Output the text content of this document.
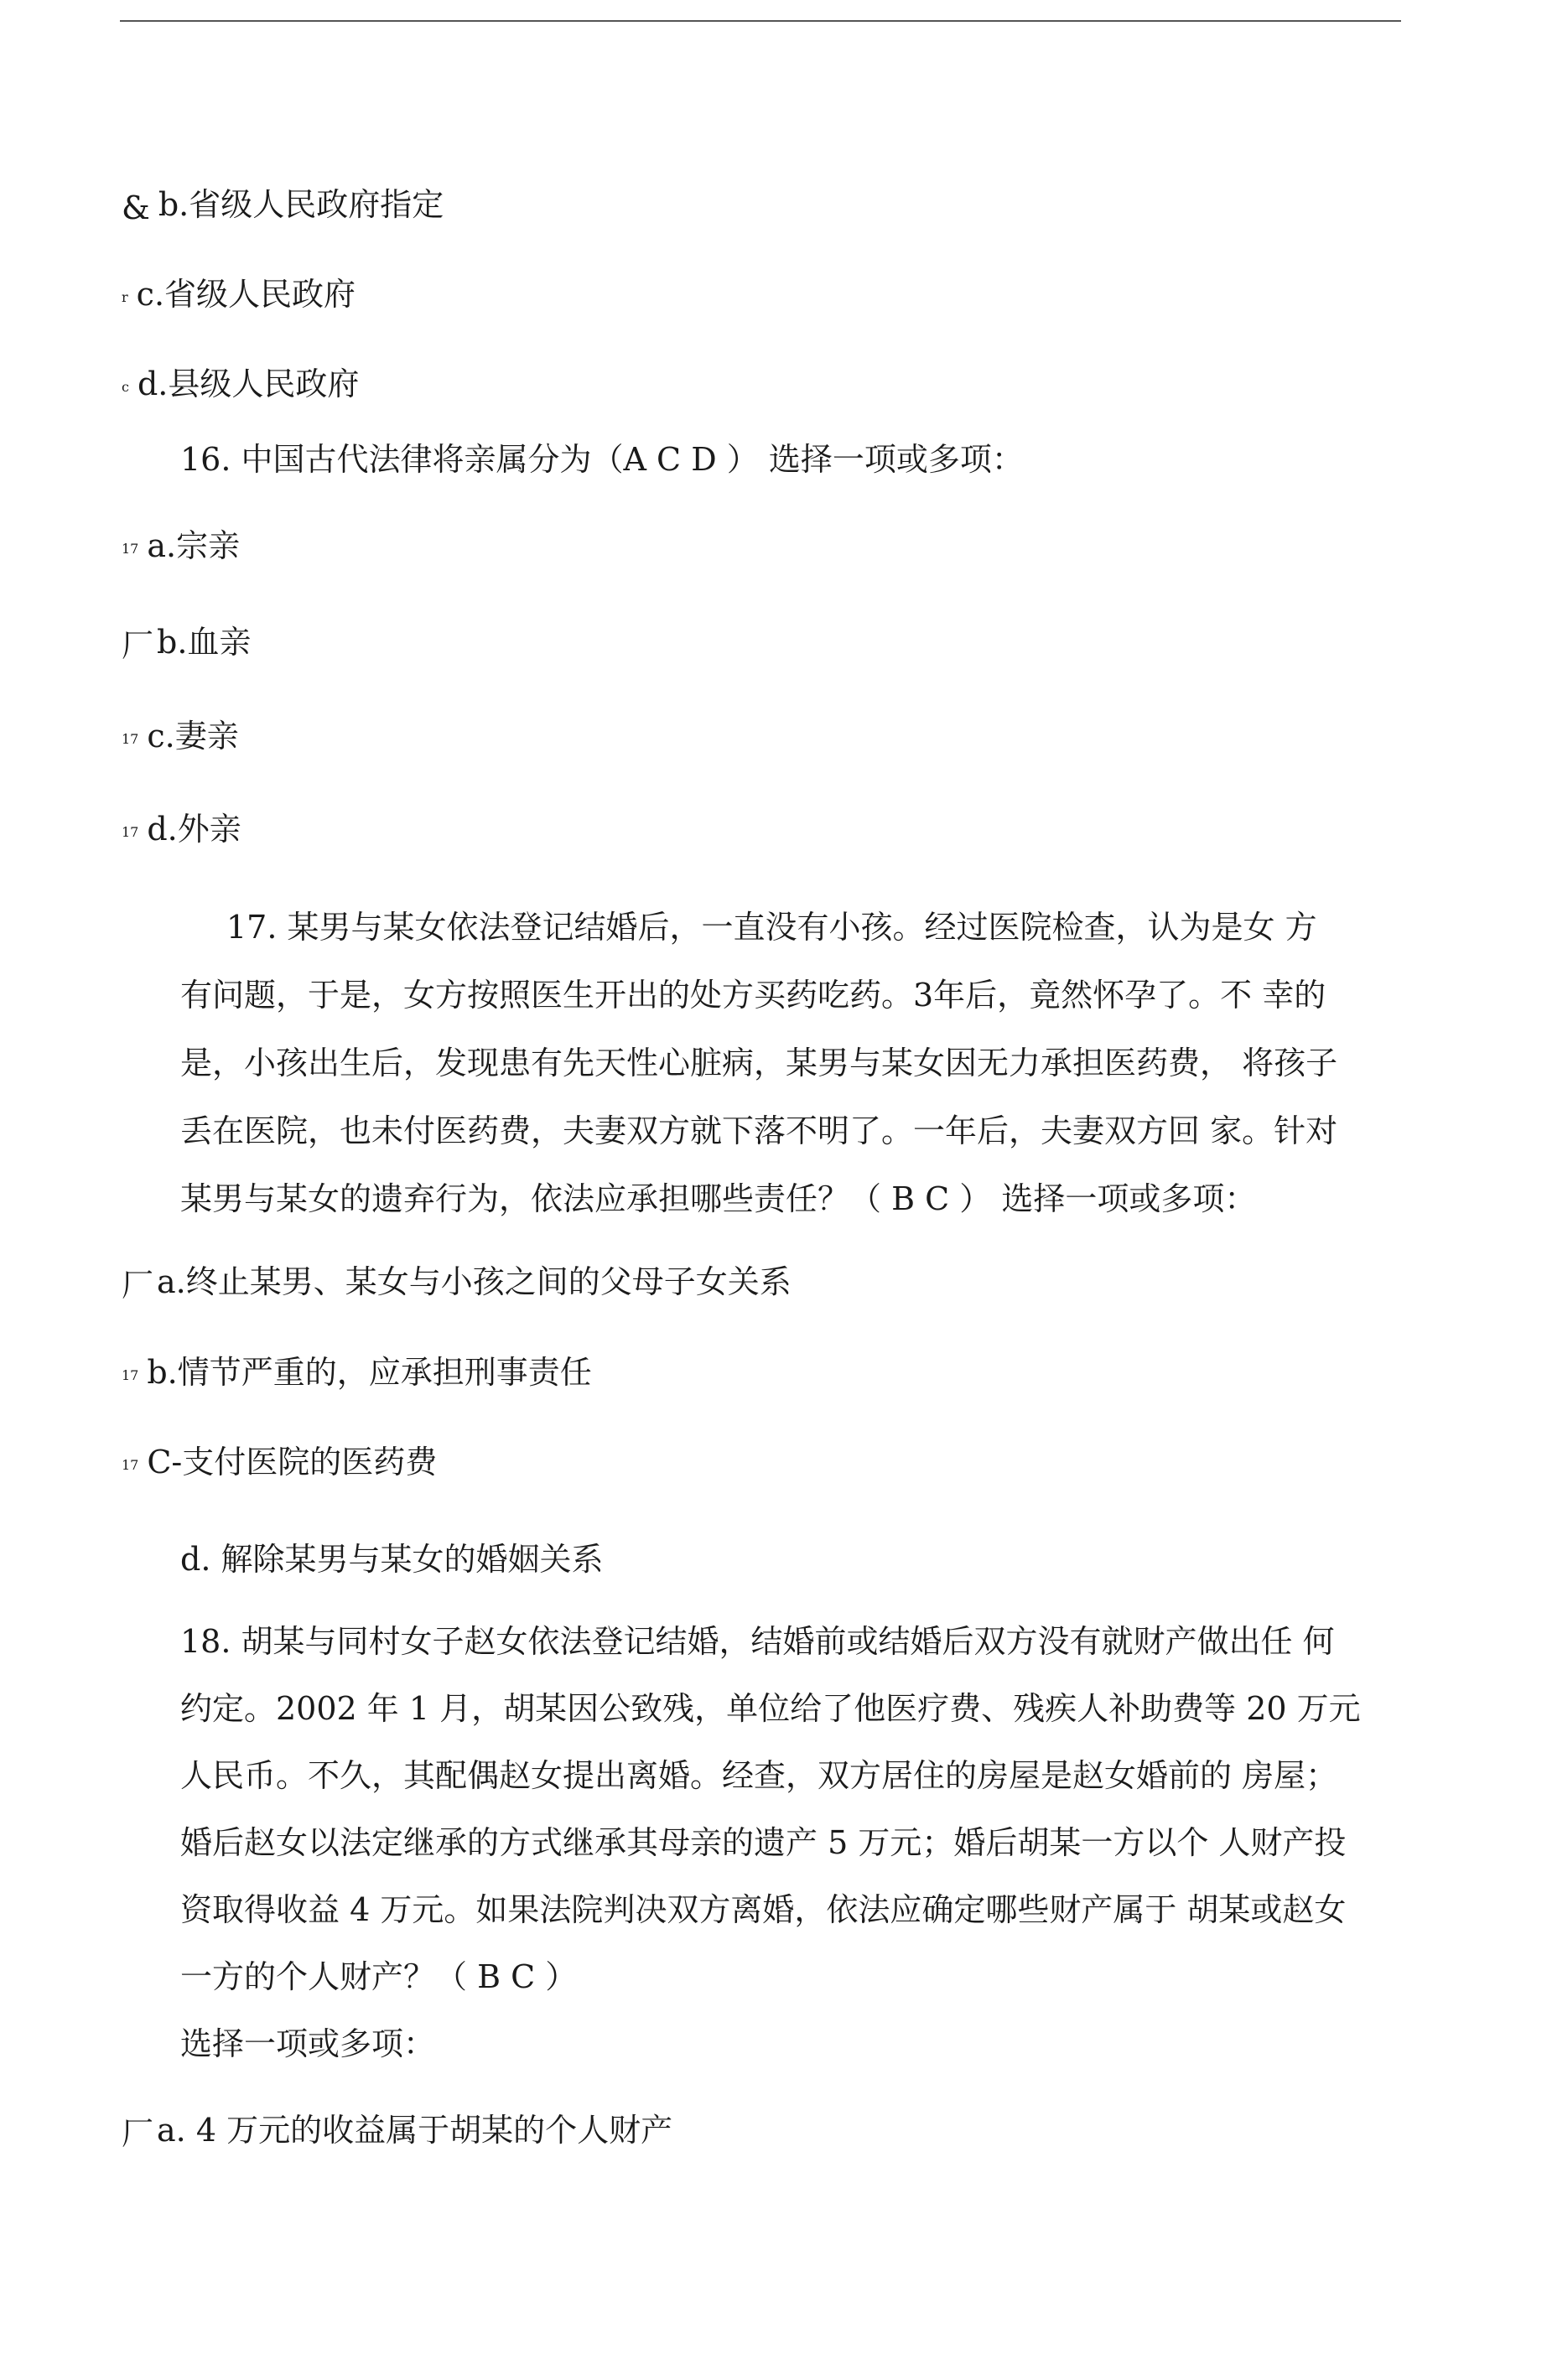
& b.省级人民政府指定
r c.省级人民政府
c d.县级人民政府
16. 中国古代法律将亲属分为（A C D ） 选择一项或多项：
17 a.宗亲
厂 b.血亲
17 c.妻亲
17 d.外亲
17. 某男与某女依法登记结婚后，一直没有小孩。经过医院检查，认为是女 方
有问题，于是，女方按照医生开出的处方买药吃药。3年后，竟然怀孕了。不 幸的
是，小孩出生后，发现患有先天性心脏病，某男与某女因无力承担医药费， 将孩子
丢在医院，也未付医药费，夫妻双方就下落不明了。一年后，夫妻双方回 家。针对
某男与某女的遗弃行为，依法应承担哪些责任？（ B C ） 选择一项或多项：
厂 a.终止某男、某女与小孩之间的父母子女关系
17 b.情节严重的，应承担刑事责任
17 C-支付医院的医药费
d. 解除某男与某女的婚姻关系
18. 胡某与同村女子赵女依法登记结婚，结婚前或结婚后双方没有就财产做出任 何
约定。2002 年 1 月，胡某因公致残，单位给了他医疗费、残疾人补助费等 20 万元
人民币。不久，其配偶赵女提出离婚。经查，双方居住的房屋是赵女婚前的 房屋；
婚后赵女以法定继承的方式继承其母亲的遗产 5 万元；婚后胡某一方以个 人财产投
资取得收益 4 万元。如果法院判决双方离婚，依法应确定哪些财产属于 胡某或赵女
一方的个人财产？（ B C ）
选择一项或多项：
厂 a. 4 万元的收益属于胡某的个人财产
